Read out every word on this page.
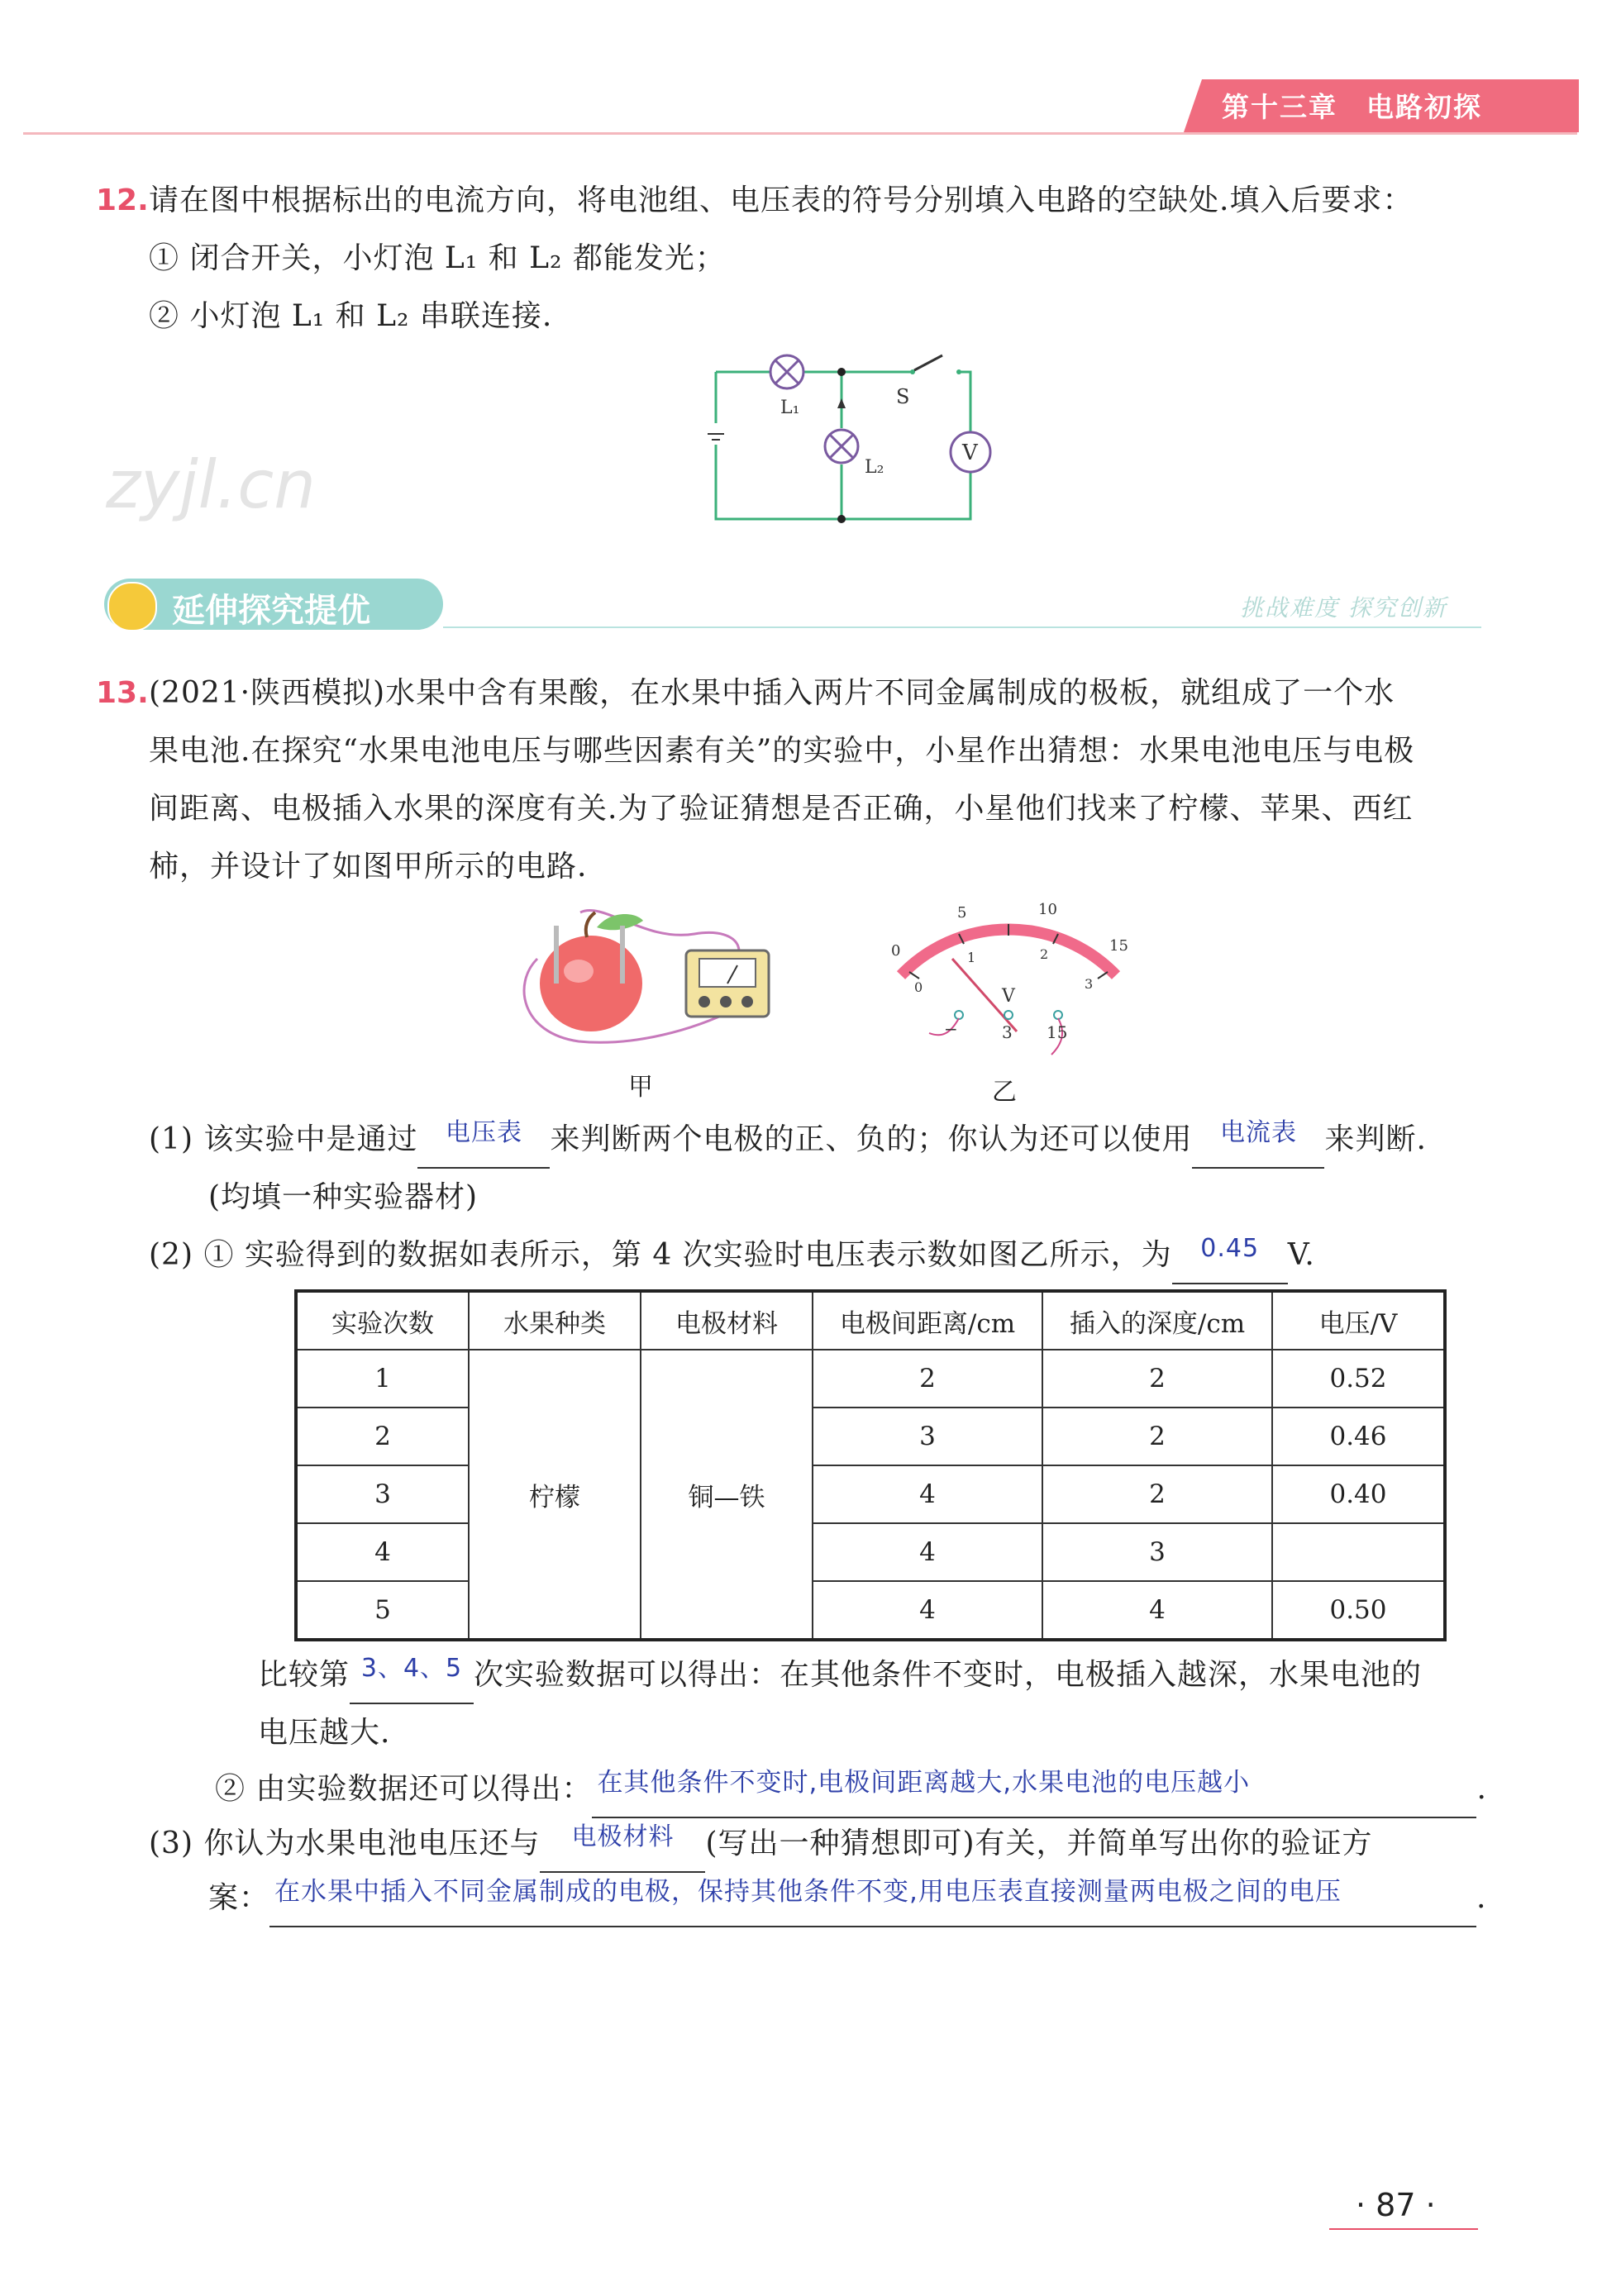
第十三章　电路初探
12. 请在图中根据标出的电流方向，将电池组、电压表的符号分别填入电路的空缺处.填入后要求：
① 闭合开关，小灯泡 L₁ 和 L₂ 都能发光；
② 小灯泡 L₁ 和 L₂ 串联连接.
L₁
L₂
S
V
zyjl.cn
延伸探究提优	挑战难度 探究创新
13. (2021·陕西模拟)水果中含有果酸，在水果中插入两片不同金属制成的极板，就组成了一个水
果电池.在探究“水果电池电压与哪些因素有关”的实验中，小星作出猜想：水果电池电压与电极
间距离、电极插入水果的深度有关.为了验证猜想是否正确，小星他们找来了柠檬、苹果、西红
柿，并设计了如图甲所示的电路.
甲
0
5	10
15
0
1	2
3
V
−	3 15
乙
(1) 该实验中是通过	电压表 来判断两个电极的正、负的；你认为还可以使用	电流表 来判断.
(均填一种实验器材)
(2) ① 实验得到的数据如表所示，第 4 次实验时电压表示数如图乙所示，为	0.45 V.
实验次数	水果种类	电极材料	电极间距离/cm	插入的深度/cm	电压/V
1	柠檬	铜—铁	2	2	0.52
2			3	2	0.46
3			4	2	0.40
4			4	3	
5			4	4	0.50
比较第 3、4、5 次实验数据可以得出：在其他条件不变时，电极插入越深，水果电池的
电压越大.
② 由实验数据还可以得出： 在其他条件不变时,电极间距离越大,水果电池的电压越小	.
(3) 你认为水果电池电压还与	电极材料	(写出一种猜想即可)有关，并简单写出你的验证方
案： 在水果中插入不同金属制成的电极，保持其他条件不变,用电压表直接测量两电极之间的电压	.
· 87 ·
